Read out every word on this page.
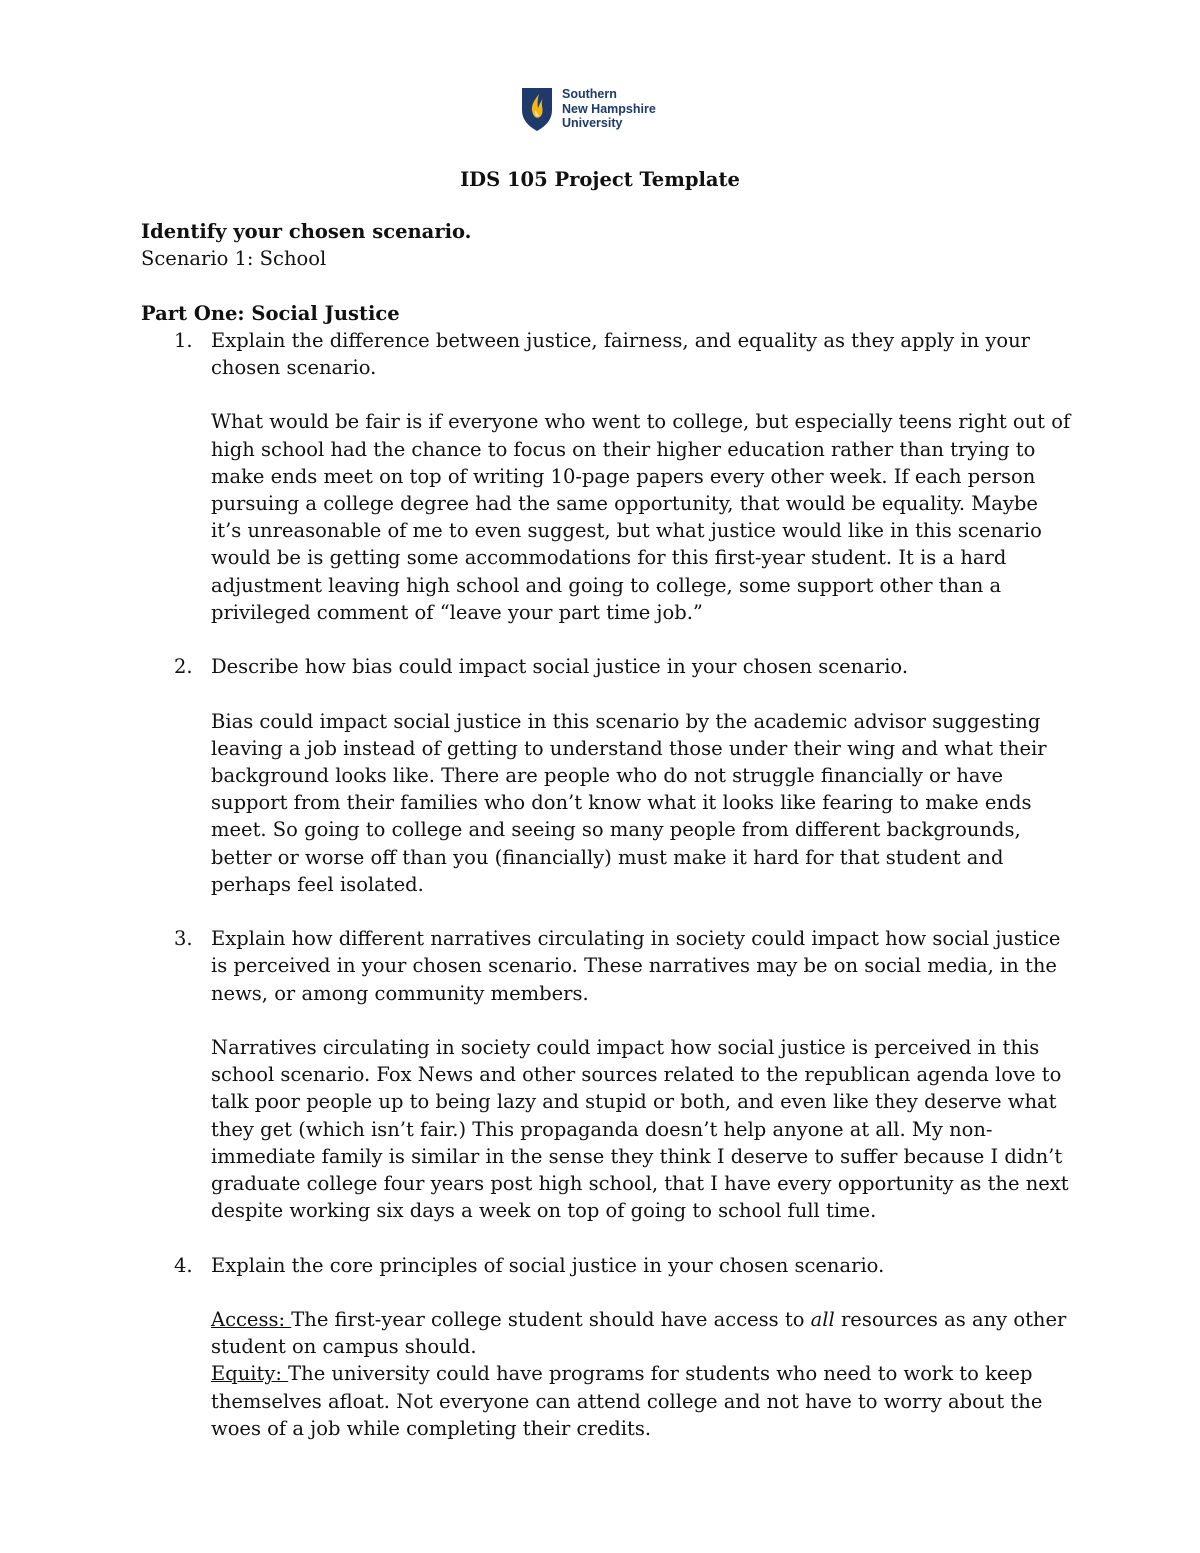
Southern
New Hampshire
University
IDS 105 Project Template

Identify your chosen scenario.

Scenario 1: School

Part One: Social Justice

1. Explain the difference between justice, fairness, and equality as they apply in your chosen scenario.

What would be fair is if everyone who went to college, but especially teens right out of high school had the chance to focus on their higher education rather than trying to make ends meet on top of writing 10-page papers every other week. If each person pursuing a college degree had the same opportunity, that would be equality. Maybe it’s unreasonable of me to even suggest, but what justice would like in this scenario would be is getting some accommodations for this first-year student. It is a hard adjustment leaving high school and going to college, some support other than a privileged comment of “leave your part time job.”

2. Describe how bias could impact social justice in your chosen scenario.

Bias could impact social justice in this scenario by the academic advisor suggesting leaving a job instead of getting to understand those under their wing and what their background looks like. There are people who do not struggle financially or have support from their families who don’t know what it looks like fearing to make ends meet. So going to college and seeing so many people from different backgrounds, better or worse off than you (financially) must make it hard for that student and perhaps feel isolated.

3. Explain how different narratives circulating in society could impact how social justice is perceived in your chosen scenario. These narratives may be on social media, in the news, or among community members.

Narratives circulating in society could impact how social justice is perceived in this school scenario. Fox News and other sources related to the republican agenda love to talk poor people up to being lazy and stupid or both, and even like they deserve what they get (which isn’t fair.) This propaganda doesn’t help anyone at all. My non-immediate family is similar in the sense they think I deserve to suffer because I didn’t graduate college four years post high school, that I have every opportunity as the next despite working six days a week on top of going to school full time.

4. Explain the core principles of social justice in your chosen scenario.

Access: The first-year college student should have access to all resources as any other student on campus should.

Equity: The university could have programs for students who need to work to keep themselves afloat. Not everyone can attend college and not have to worry about the woes of a job while completing their credits.
